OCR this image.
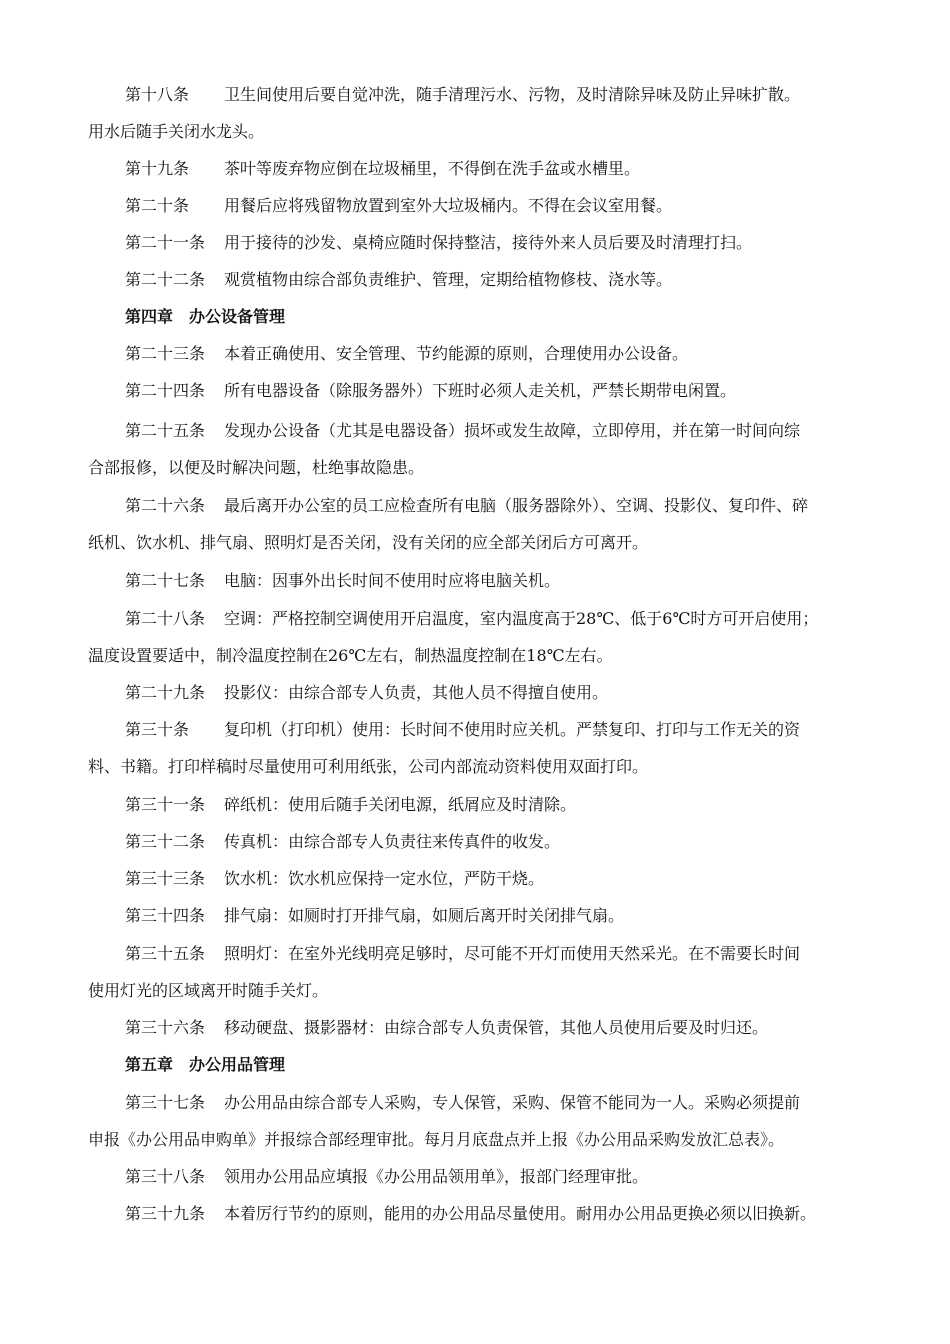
第十八条 卫生间使用后要自觉冲洗，随手清理污水、污物，及时清除异味及防止异味扩散。
用水后随手关闭水龙头。
第十九条 茶叶等废弃物应倒在垃圾桶里，不得倒在洗手盆或水槽里。
第二十条 用餐后应将残留物放置到室外大垃圾桶内。不得在会议室用餐。
第二十一条 用于接待的沙发、桌椅应随时保持整洁，接待外来人员后要及时清理打扫。
第二十二条 观赏植物由综合部负责维护、管理，定期给植物修枝、浇水等。
第四章 办公设备管理
第二十三条 本着正确使用、安全管理、节约能源的原则，合理使用办公设备。
第二十四条 所有电器设备（除服务器外）下班时必须人走关机，严禁长期带电闲置。
第二十五条 发现办公设备（尤其是电器设备）损坏或发生故障，立即停用，并在第一时间向综
合部报修，以便及时解决问题，杜绝事故隐患。
第二十六条 最后离开办公室的员工应检查所有电脑（服务器除外）、空调、投影仪、复印件、碎
纸机、饮水机、排气扇、照明灯是否关闭，没有关闭的应全部关闭后方可离开。
第二十七条 电脑：因事外出长时间不使用时应将电脑关机。
第二十八条 空调：严格控制空调使用开启温度，室内温度高于28℃、低于6℃时方可开启使用；
温度设置要适中，制冷温度控制在26℃左右，制热温度控制在18℃左右。
第二十九条 投影仪：由综合部专人负责，其他人员不得擅自使用。
第三十条 复印机（打印机）使用：长时间不使用时应关机。严禁复印、打印与工作无关的资
料、书籍。打印样稿时尽量使用可利用纸张，公司内部流动资料使用双面打印。
第三十一条 碎纸机：使用后随手关闭电源，纸屑应及时清除。
第三十二条 传真机：由综合部专人负责往来传真件的收发。
第三十三条 饮水机：饮水机应保持一定水位，严防干烧。
第三十四条 排气扇：如厕时打开排气扇，如厕后离开时关闭排气扇。
第三十五条 照明灯：在室外光线明亮足够时，尽可能不开灯而使用天然采光。在不需要长时间
使用灯光的区域离开时随手关灯。
第三十六条 移动硬盘、摄影器材：由综合部专人负责保管，其他人员使用后要及时归还。
第五章 办公用品管理
第三十七条 办公用品由综合部专人采购，专人保管，采购、保管不能同为一人。采购必须提前
申报《办公用品申购单》并报综合部经理审批。每月月底盘点并上报《办公用品采购发放汇总表》。
第三十八条 领用办公用品应填报《办公用品领用单》，报部门经理审批。
第三十九条 本着厉行节约的原则，能用的办公用品尽量使用。耐用办公用品更换必须以旧换新。
